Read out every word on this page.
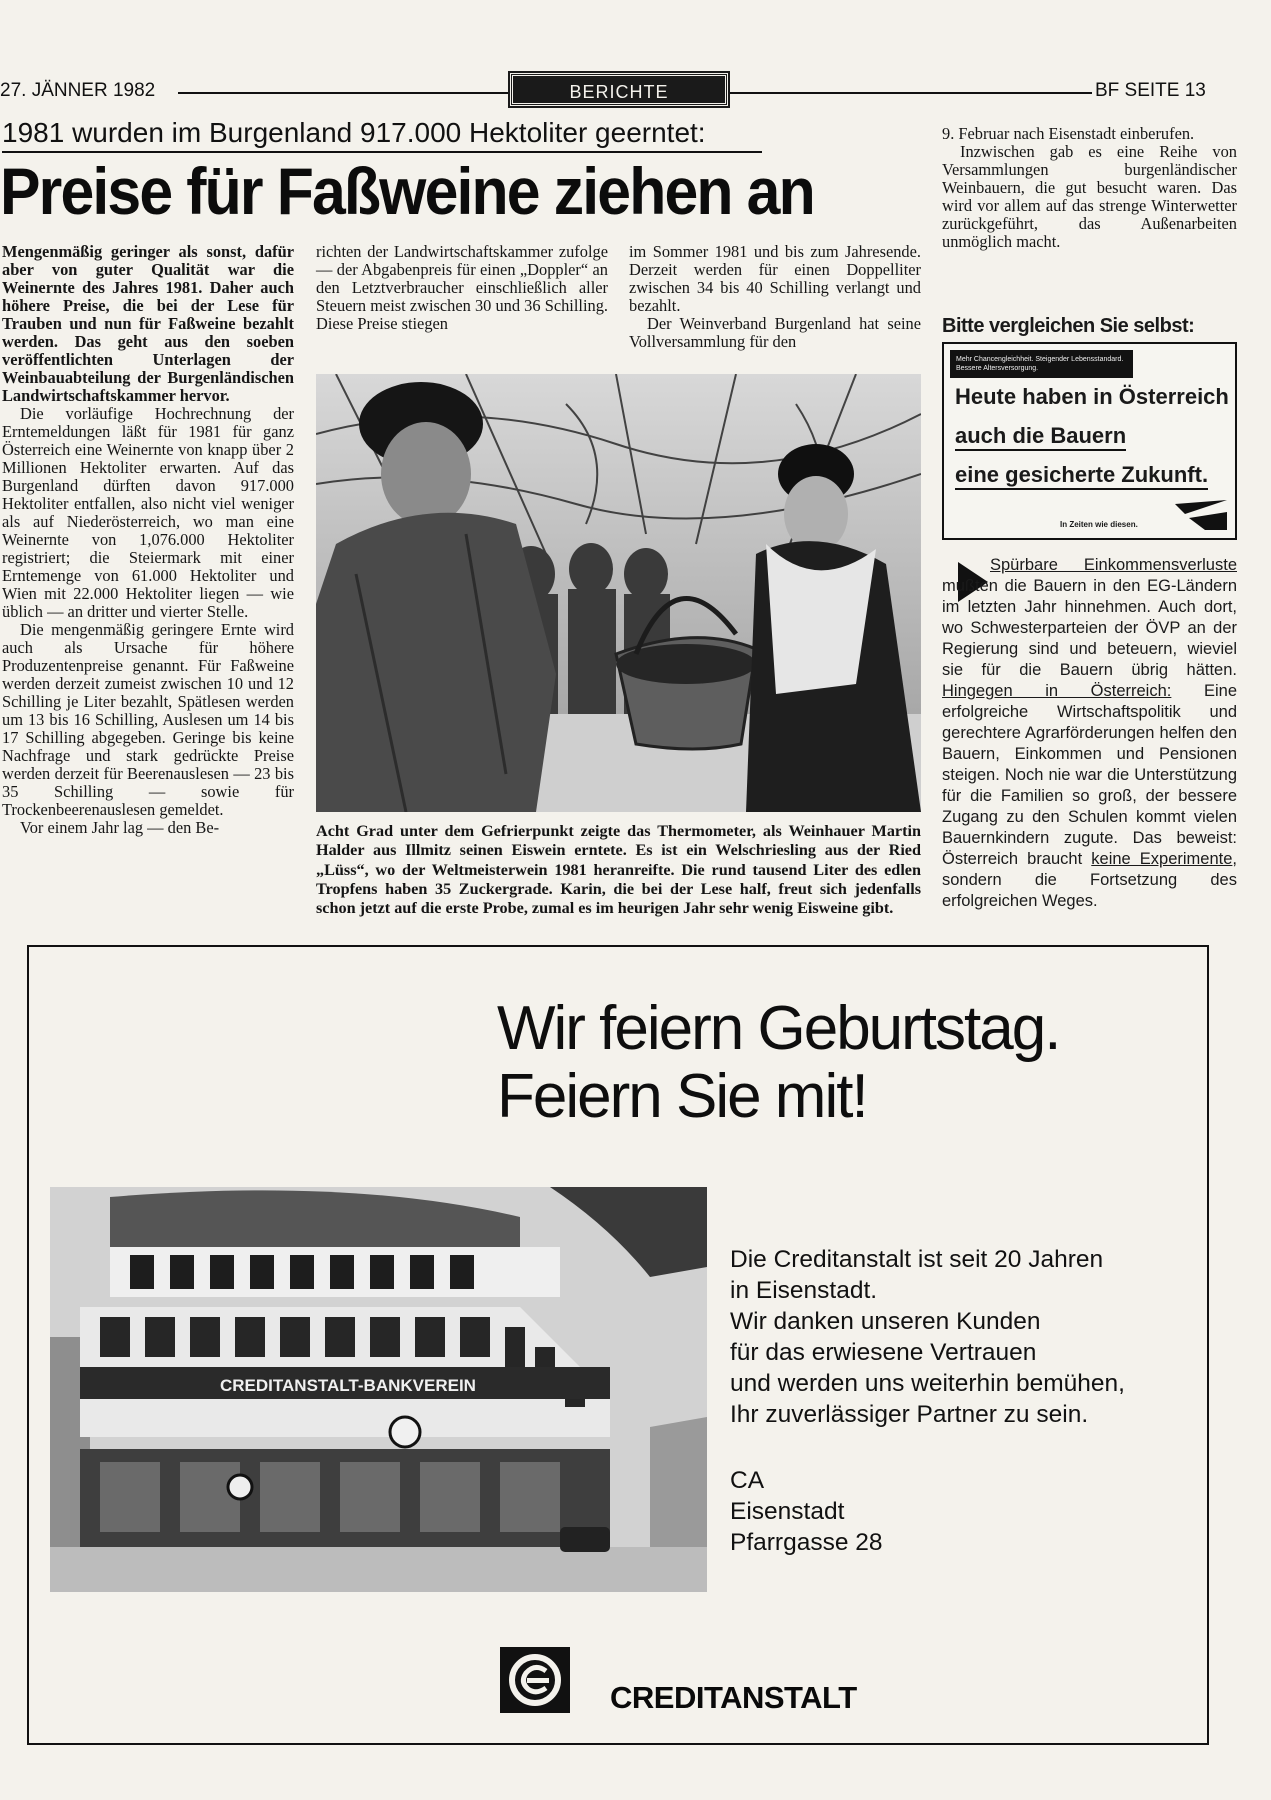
27. JÄNNER 1982	BERICHTE	BF SEITE 13
1981 wurden im Burgenland 917.000 Hektoliter geerntet:
Preise für Faßweine ziehen an

Mengenmäßig geringer als sonst, dafür aber von guter Qualität war die Weinernte des Jahres 1981. Daher auch höhere Preise, die bei der Lese für Trauben und nun für Faßweine bezahlt werden. Das geht aus den soeben veröffentlichten Unterlagen der Weinbauabteilung der Burgenländischen Landwirtschaftskammer hervor.

Die vorläufige Hochrechnung der Erntemeldungen läßt für 1981 für ganz Österreich eine Weinernte von knapp über 2 Millionen Hektoliter erwarten. Auf das Burgenland dürften davon 917.000 Hektoliter entfallen, also nicht viel weniger als auf Niederösterreich, wo man eine Weinernte von 1,076.000 Hektoliter registriert; die Steiermark mit einer Erntemenge von 61.000 Hektoliter und Wien mit 22.000 Hektoliter liegen — wie üblich — an dritter und vierter Stelle.

Die mengenmäßig geringere Ernte wird auch als Ursache für höhere Produzentenpreise genannt. Für Faßweine werden derzeit zumeist zwischen 10 und 12 Schilling je Liter bezahlt, Spätlesen werden um 13 bis 16 Schilling, Auslesen um 14 bis 17 Schilling abgegeben. Geringe bis keine Nachfrage und stark gedrückte Preise werden derzeit für Beerenauslesen — 23 bis 35 Schilling — sowie für Trockenbeerenauslesen gemeldet.

Vor einem Jahr lag — den Be-

richten der Landwirtschaftskammer zufolge — der Abgabenpreis für einen „Doppler“ an den Letztverbraucher einschließlich aller Steuern meist zwischen 30 und 36 Schilling. Diese Preise stiegen

im Sommer 1981 und bis zum Jahresende. Derzeit werden für einen Doppelliter zwischen 34 bis 40 Schilling verlangt und bezahlt.

Der Weinverband Burgenland hat seine Vollversammlung für den

9. Februar nach Eisenstadt einberufen.

Inzwischen gab es eine Reihe von Versammlungen burgenländischer Weinbauern, die gut besucht waren. Das wird vor allem auf das strenge Winterwetter zurückgeführt, das Außenarbeiten unmöglich macht.

Acht Grad unter dem Gefrierpunkt zeigte das Thermometer, als Weinhauer Martin Halder aus Illmitz seinen Eiswein erntete. Es ist ein Welschriesling aus der Ried „Lüss“, wo der Weltmeisterwein 1981 heranreifte. Die rund tausend Liter des edlen Tropfens haben 35 Zuckergrade. Karin, die bei der Lese half, freut sich jedenfalls schon jetzt auf die erste Probe, zumal es im heurigen Jahr sehr wenig Eisweine gibt.
Bitte vergleichen Sie selbst:
Mehr Chancengleichheit. Steigender Lebensstandard. Bessere Altersversorgung.
Heute haben in Österreich
auch die Bauern
eine gesicherte Zukunft.
In Zeiten wie diesen.
Spürbare Einkommensverluste mußten die Bauern in den EG-Ländern im letzten Jahr hinnehmen. Auch dort, wo Schwesterparteien der ÖVP an der Regierung sind und beteuern, wieviel sie für die Bauern übrig hätten. Hingegen in Österreich: Eine erfolgreiche Wirtschaftspolitik und gerechtere Agrarförderungen helfen den Bauern, Einkommen und Pensionen steigen. Noch nie war die Unterstützung für die Familien so groß, der bessere Zugang zu den Schulen kommt vielen Bauernkindern zugute. Das beweist: Österreich braucht keine Experimente, sondern die Fortsetzung des erfolgreichen Weges.
Wir feiern Geburtstag.
Feiern Sie mit!
CREDITANSTALT-BANKVEREIN
Die Creditanstalt ist seit 20 Jahren
in Eisenstadt.
Wir danken unseren Kunden
für das erwiesene Vertrauen
und werden uns weiterhin bemühen,
Ihr zuverlässiger Partner zu sein.
CA
Eisenstadt
Pfarrgasse 28
CREDITANSTALT
